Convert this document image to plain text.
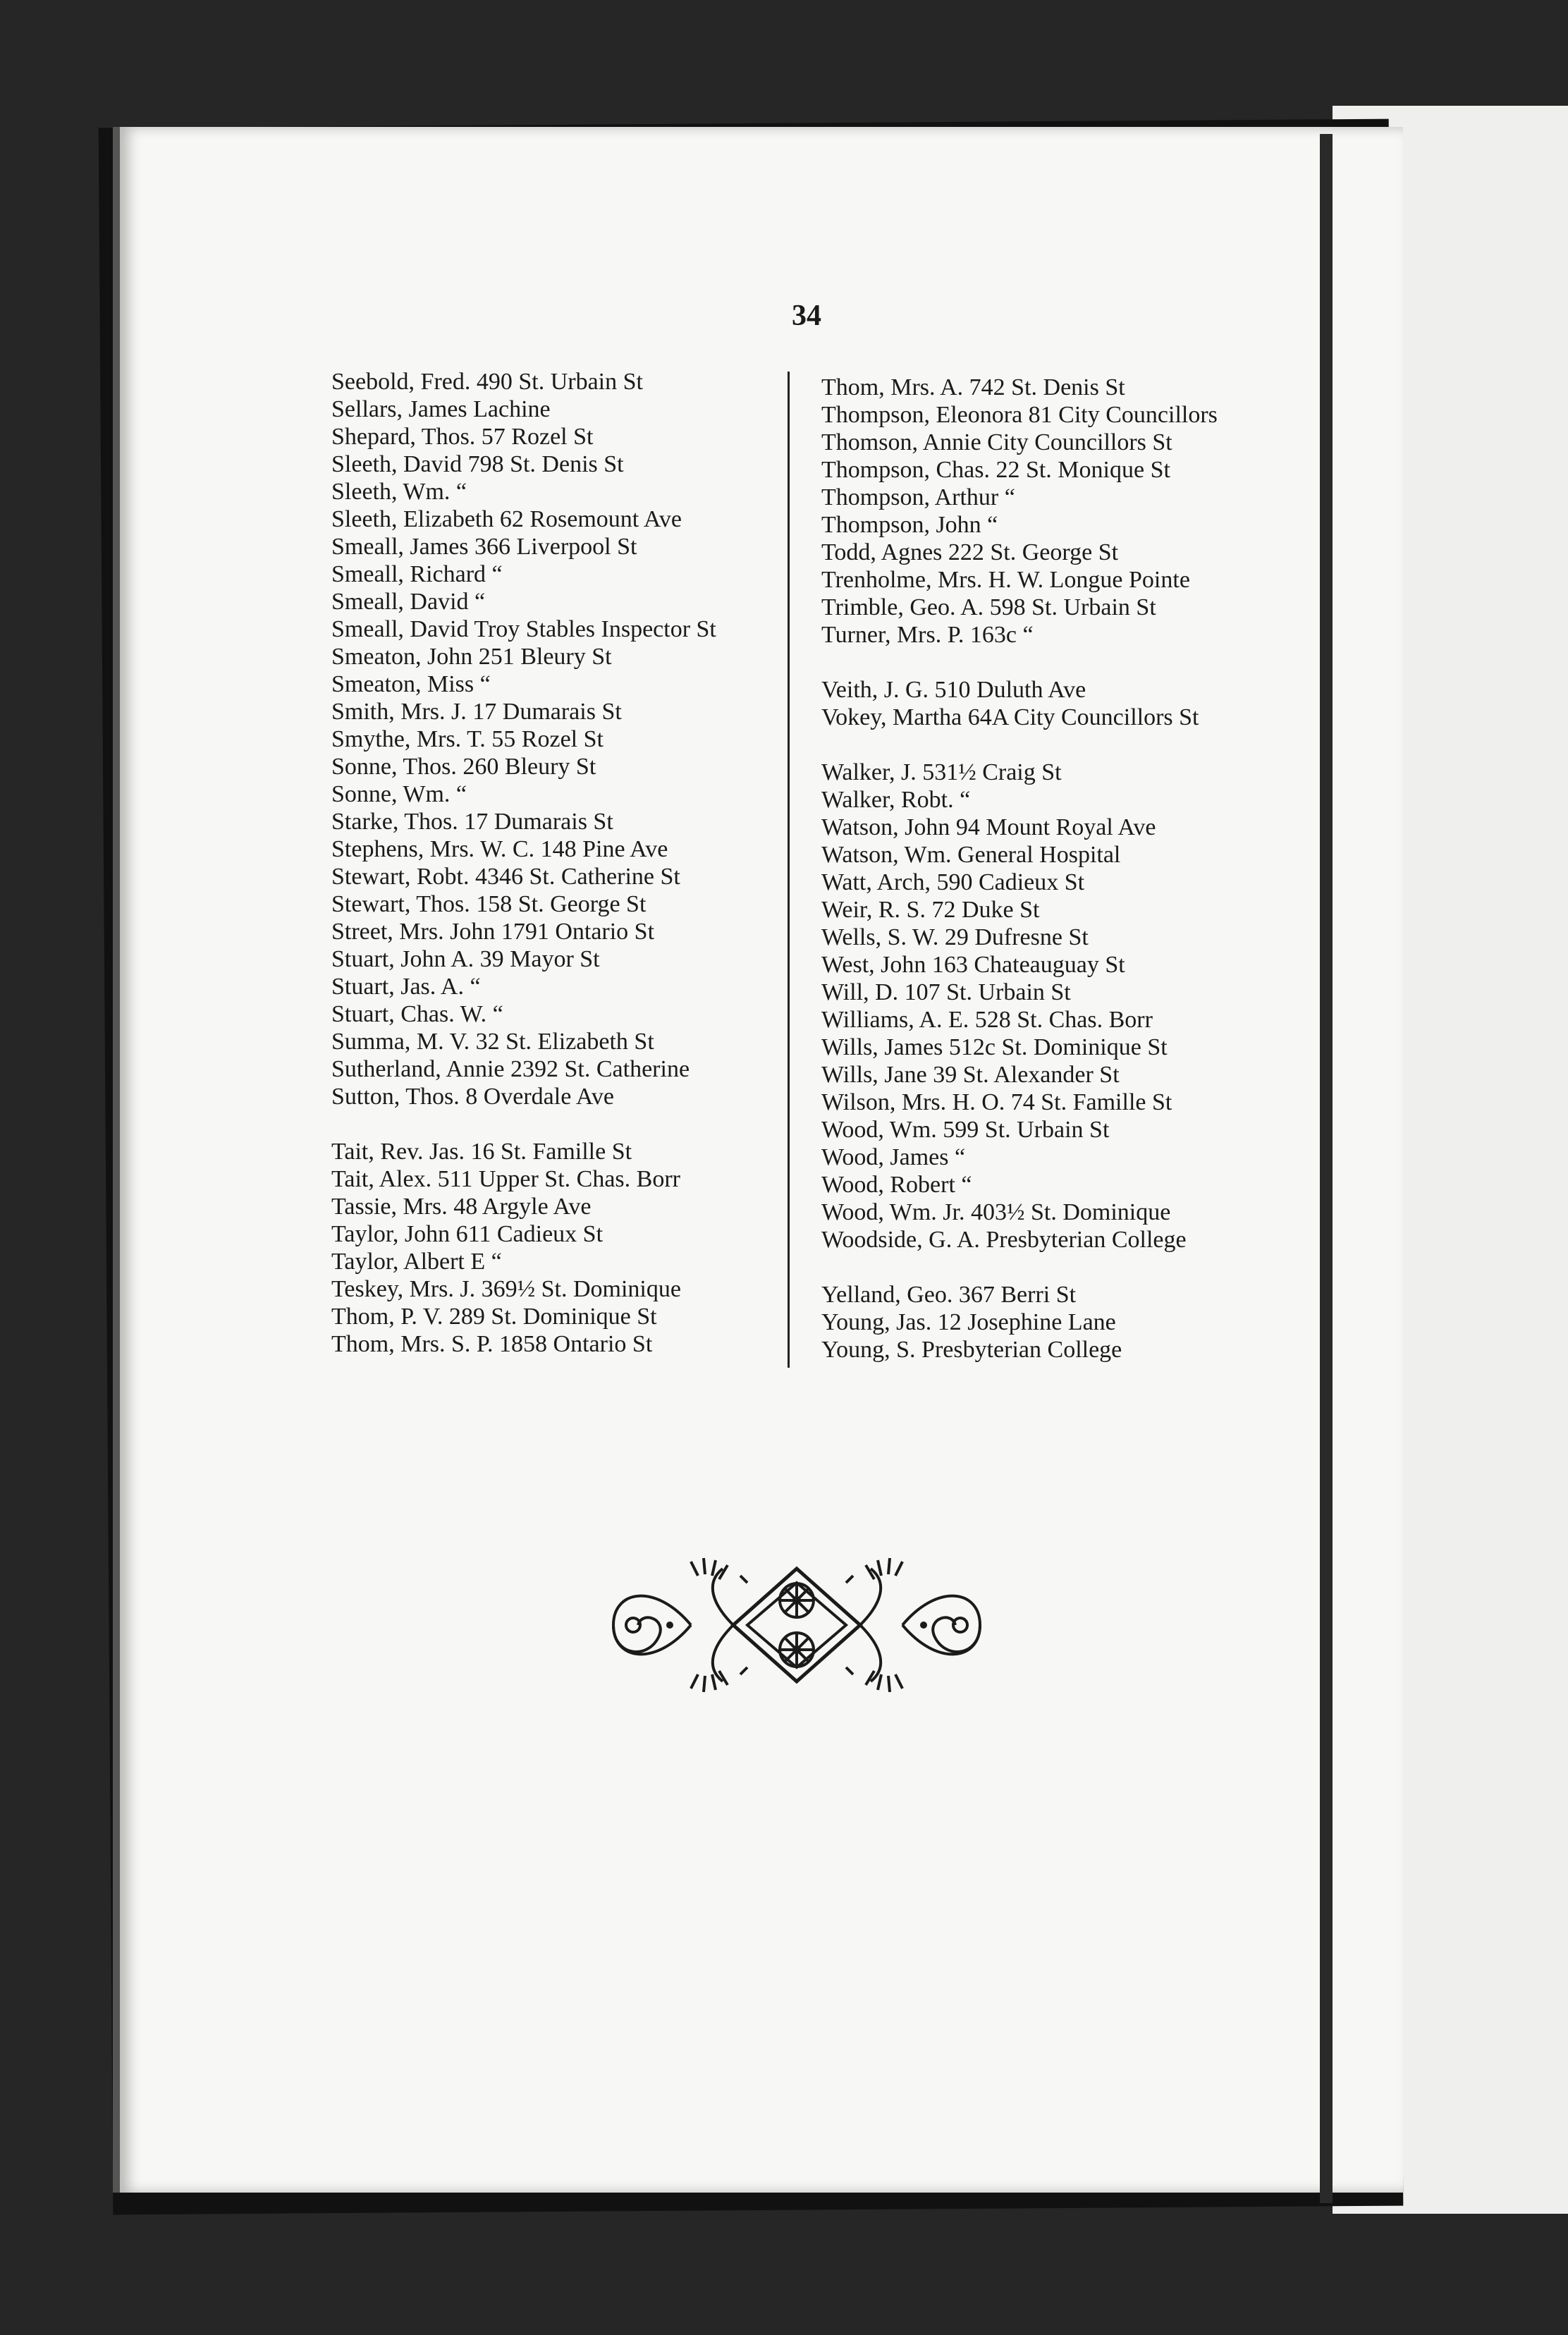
34
Seebold, Fred. 490 St. Urbain St
Sellars, James Lachine
Shepard, Thos. 57 Rozel St
Sleeth, David 798 St. Denis St
Sleeth, Wm. “
Sleeth, Elizabeth 62 Rosemount Ave
Smeall, James 366 Liverpool St
Smeall, Richard “
Smeall, David “
Smeall, David Troy Stables Inspector St
Smeaton, John 251 Bleury St
Smeaton, Miss “
Smith, Mrs. J. 17 Dumarais St
Smythe, Mrs. T. 55 Rozel St
Sonne, Thos. 260 Bleury St
Sonne, Wm. “
Starke, Thos. 17 Dumarais St
Stephens, Mrs. W. C. 148 Pine Ave
Stewart, Robt. 4346 St. Catherine St
Stewart, Thos. 158 St. George St
Street, Mrs. John 1791 Ontario St
Stuart, John A. 39 Mayor St
Stuart, Jas. A. “
Stuart, Chas. W. “
Summa, M. V. 32 St. Elizabeth St
Sutherland, Annie 2392 St. Catherine
Sutton, Thos. 8 Overdale Ave
Tait, Rev. Jas. 16 St. Famille St
Tait, Alex. 511 Upper St. Chas. Borr
Tassie, Mrs. 48 Argyle Ave
Taylor, John 611 Cadieux St
Taylor, Albert E “
Teskey, Mrs. J. 369½ St. Dominique
Thom, P. V. 289 St. Dominique St
Thom, Mrs. S. P. 1858 Ontario St
Thom, Mrs. A. 742 St. Denis St
Thompson, Eleonora 81 City Councillors
Thomson, Annie City Councillors St
Thompson, Chas. 22 St. Monique St
Thompson, Arthur “
Thompson, John “
Todd, Agnes 222 St. George St
Trenholme, Mrs. H. W. Longue Pointe
Trimble, Geo. A. 598 St. Urbain St
Turner, Mrs. P. 163c “
Veith, J. G. 510 Duluth Ave
Vokey, Martha 64A City Councillors St
Walker, J. 531½ Craig St
Walker, Robt. “
Watson, John 94 Mount Royal Ave
Watson, Wm. General Hospital
Watt, Arch, 590 Cadieux St
Weir, R. S. 72 Duke St
Wells, S. W. 29 Dufresne St
West, John 163 Chateauguay St
Will, D. 107 St. Urbain St
Williams, A. E. 528 St. Chas. Borr
Wills, James 512c St. Dominique St
Wills, Jane 39 St. Alexander St
Wilson, Mrs. H. O. 74 St. Famille St
Wood, Wm. 599 St. Urbain St
Wood, James “
Wood, Robert “
Wood, Wm. Jr. 403½ St. Dominique
Woodside, G. A. Presbyterian College
Yelland, Geo. 367 Berri St
Young, Jas. 12 Josephine Lane
Young, S. Presbyterian College
